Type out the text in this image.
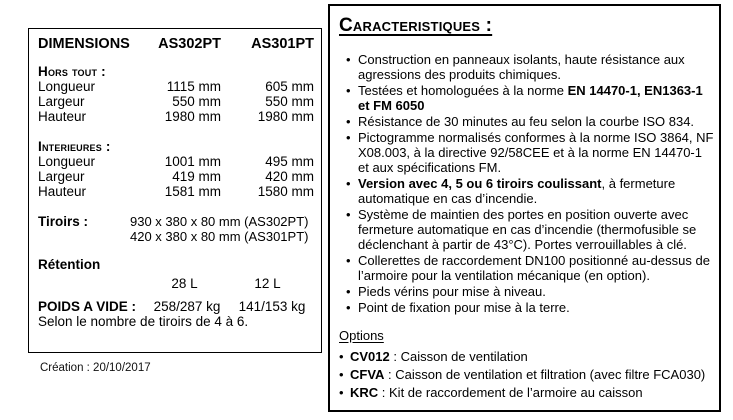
DIMENSIONS	AS302PT	AS301PT
Hors tout :
Longueur	1115 mm	605 mm
Largeur	550 mm	550 mm
Hauteur	1980 mm	1980 mm
Interieures :
Longueur	1001 mm	495 mm
Largeur	419 mm	420 mm
Hauteur	1581 mm	1580 mm
Tiroirs :	930 x 380 x 80 mm (AS302PT)
420 x 380 x 80 mm (AS301PT)
Rétention
28 L	12 L
POIDS A VIDE :	258/287 kg	141/153 kg
Selon le nombre de tiroirs de 4 à 6.
Création : 20/10/2017
Caracteristiques :
• Construction en panneaux isolants, haute résistance aux agressions des produits chimiques.
• Testées et homologuées à la norme EN 14470-1, EN1363-1 et FM 6050
• Résistance de 30 minutes au feu selon la courbe ISO 834.
• Pictogramme normalisés conformes à la norme ISO 3864, NF X08.003, à la directive 92/58CEE et à la norme EN 14470-1 et aux spécifications FM.
• Version avec 4, 5 ou 6 tiroirs coulissant, à fermeture automatique en cas d’incendie.
• Système de maintien des portes en position ouverte avec fermeture automatique en cas d’incendie (thermofusible se déclenchant à partir de 43°C). Portes verrouillables à clé.
• Collerettes de raccordement DN100 positionné au-dessus de l’armoire pour la ventilation mécanique (en option).
• Pieds vérins pour mise à niveau.
• Point de fixation pour mise à la terre.
Options
• CV012 : Caisson de ventilation
• CFVA : Caisson de ventilation et filtration (avec filtre FCA030)
• KRC : Kit de raccordement de l’armoire au caisson
